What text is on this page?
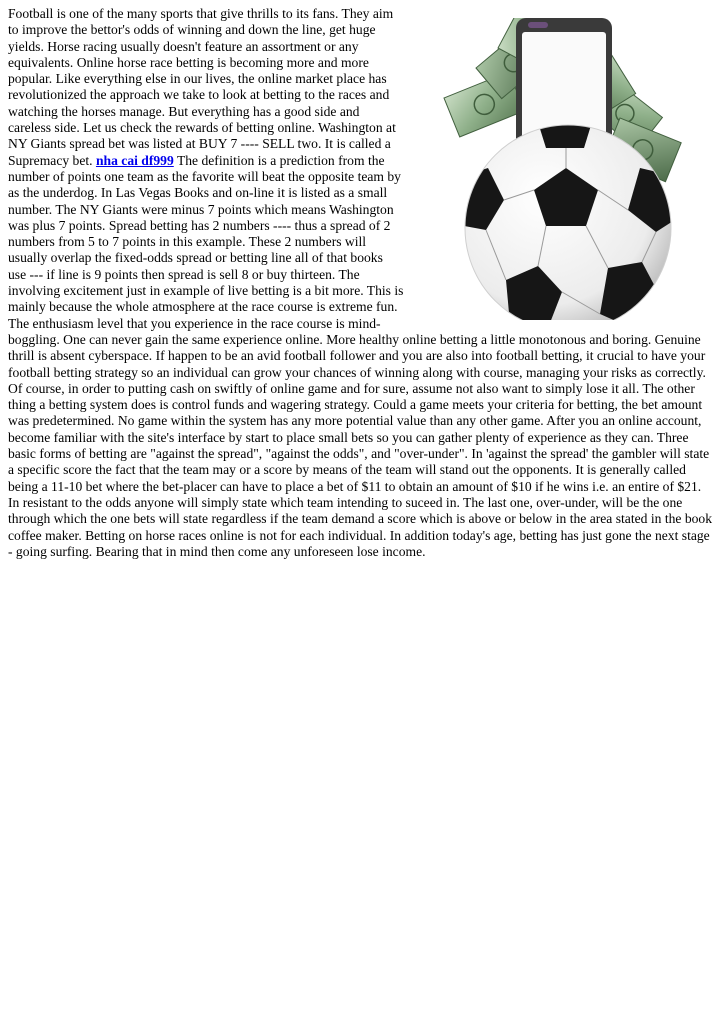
Football is one of the many sports that give thrills to its fans. They aim to improve the bettor's odds of winning and down the line, get huge yields. Horse racing usually doesn't feature an assortment or any equivalents. Online horse race betting is becoming more and more popular. Like everything else in our lives, the online market place has revolutionized the approach we take to look at betting to the races and watching the horses manage. But everything has a good side and careless side. Let us check the rewards of betting online. Washington at NY Giants spread bet was listed at BUY 7 ---- SELL two. It is called a Supremacy bet. nha cai df999 The definition is a prediction from the number of points one team as the favorite will beat the opposite team by as the underdog. In Las Vegas Books and on-line it is listed as a small number. The NY Giants were minus 7 points which means Washington was plus 7 points. Spread betting has 2 numbers ---- thus a spread of 2 numbers from 5 to 7 points in this example. These 2 numbers will usually overlap the fixed-odds spread or betting line all of that books use --- if line is 9 points then spread is sell 8 or buy thirteen. The involving excitement just in example of live betting is a bit more. This is mainly because the whole atmosphere at the race course is extreme fun. The enthusiasm level that you experience in the race course is mind-boggling. One can never gain the same experience online. More healthy online betting a little monotonous and boring. Genuine thrill is absent cyberspace. If happen to be an avid football follower and you are also into football betting, it crucial to have your football betting strategy so an individual can grow your chances of winning along with course, managing your risks as correctly. Of course, in order to putting cash on swiftly of online game and for sure, assume not also want to simply lose it all. The other thing a betting system does is control funds and wagering strategy. Could a game meets your criteria for betting, the bet amount was predetermined. No game within the system has any more potential value than any other game. After you an online account, become familiar with the site's interface by start to place small bets so you can gather plenty of experience as they can. Three basic forms of betting are "against the spread", "against the odds", and "over-under". In 'against the spread' the gambler will state a specific score the fact that the team may or a score by means of the team will stand out the opponents. It is generally called being a 11-10 bet where the bet-placer can have to place a bet of $11 to obtain an amount of $10 if he wins i.e. an entire of $21. In resistant to the odds anyone will simply state which team intending to suceed in. The last one, over-under, will be the one through which the one bets will state regardless if the team demand a score which is above or below in the area stated in the book coffee maker. Betting on horse races online is not for each individual. In addition today's age, betting has just gone the next stage - going surfing. Bearing that in mind then come any unforeseen lose income.
